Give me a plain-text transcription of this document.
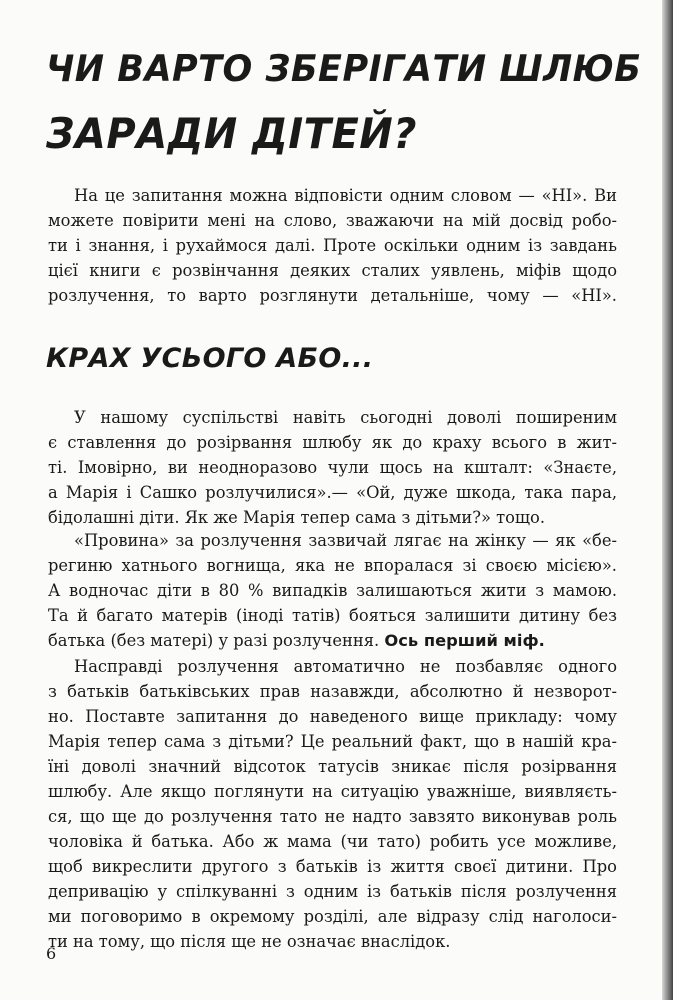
ЧИ ВАРТО ЗБЕРІГАТИ ШЛЮБ
ЗАРАДИ ДІТЕЙ?
На це запитання можна відповісти одним словом — «НІ». Ви
можете повірити мені на слово, зважаючи на мій досвід робо-
ти і знання, і рухаймося далі. Проте оскільки одним із завдань
цієї книги є розвінчання деяких сталих уявлень, міфів щодо
розлучення, то варто розглянути детальніше, чому — «НІ».
КРАХ УСЬОГО АБО...
У нашому суспільстві навіть сьогодні доволі поширеним
є ставлення до розірвання шлюбу як до краху всього в жит-
ті. Імовірно, ви неодноразово чули щось на кшталт: «Знаєте,
а Марія і Сашко розлучилися».— «Ой, дуже шкода, така пара,
бідолашні діти. Як же Марія тепер сама з дітьми?» тощо.
«Провина» за розлучення зазвичай лягає на жінку — як «бе-
региню хатнього вогнища, яка не впоралася зі своєю місією».
А водночас діти в 80 % випадків залишаються жити з мамою.
Та й багато матерів (іноді татів) бояться залишити дитину без
батька (без матері) у разі розлучення. Ось перший міф.
Насправді розлучення автоматично не позбавляє одного
з батьків батьківських прав назавжди, абсолютно й незворот-
но. Поставте запитання до наведеного вище прикладу: чому
Марія тепер сама з дітьми? Це реальний факт, що в нашій кра-
їні доволі значний відсоток татусів зникає після розірвання
шлюбу. Але якщо поглянути на ситуацію уважніше, виявляєть-
ся, що ще до розлучення тато не надто завзято виконував роль
чоловіка й батька. Або ж мама (чи тато) робить усе можливе,
щоб викреслити другого з батьків із життя своєї дитини. Про
депривацію у спілкуванні з одним із батьків після розлучення
ми поговоримо в окремому розділі, але відразу слід наголоси-
ти на тому, що після ще не означає внаслідок.
6
